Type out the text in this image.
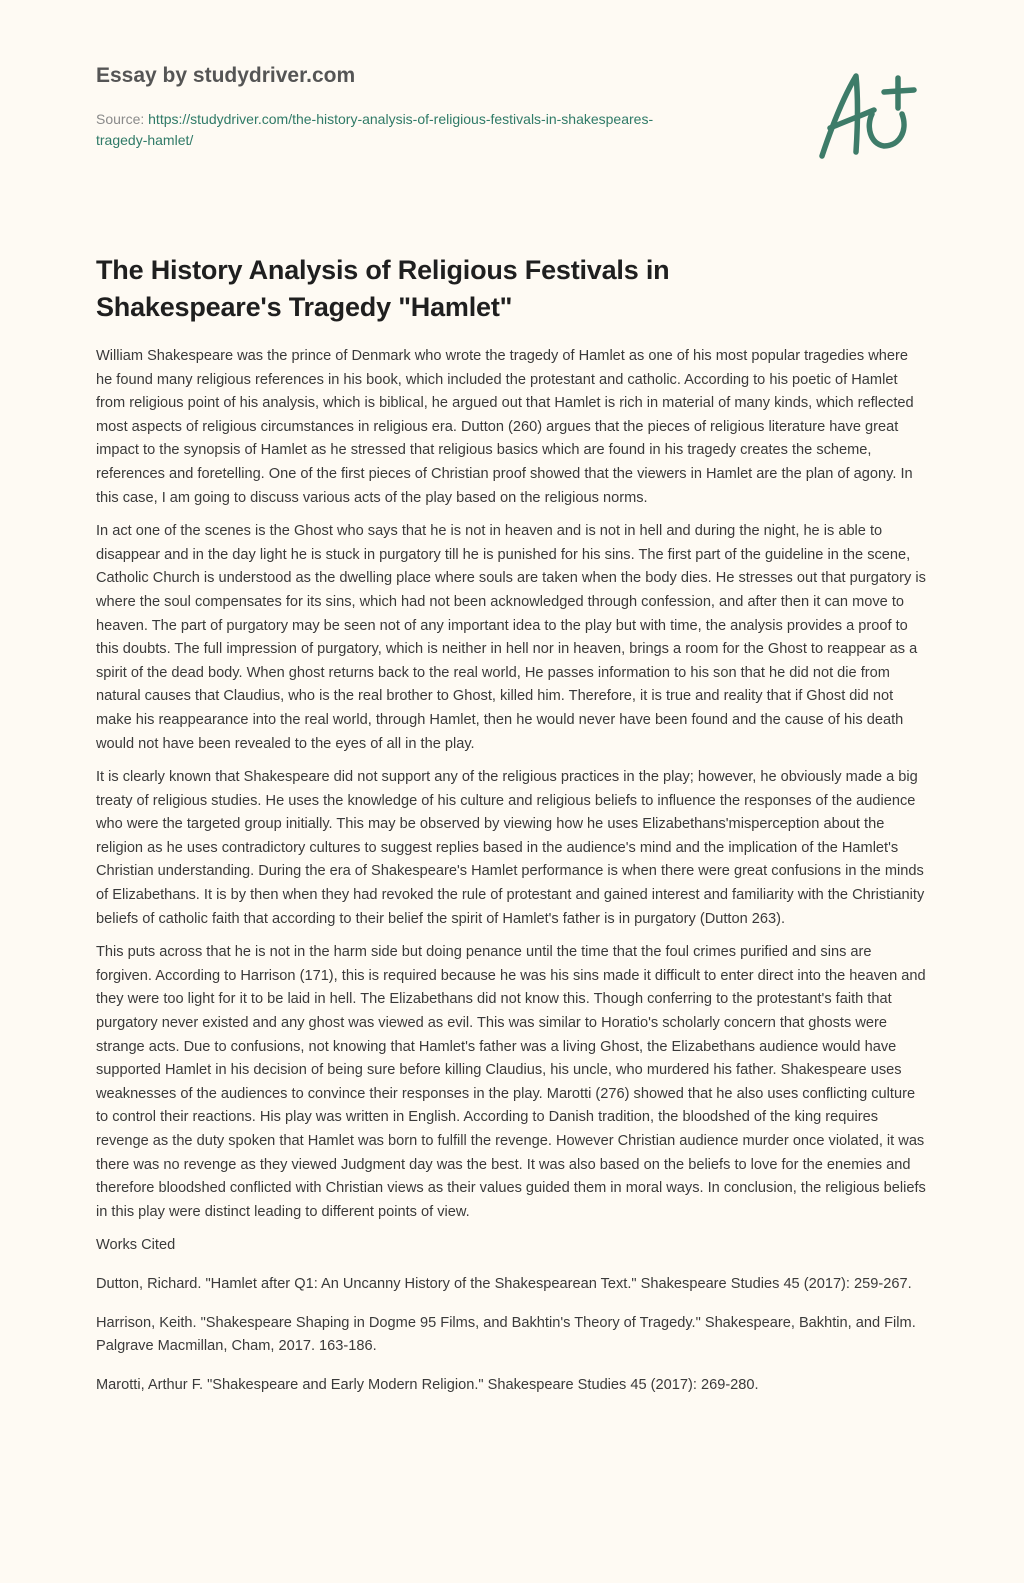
Essay by studydriver.com
Source: https://studydriver.com/the-history-analysis-of-religious-festivals-in-shakespeares-
tragedy-hamlet/
The History Analysis of Religious Festivals in
Shakespeare's Tragedy "Hamlet"

William Shakespeare was the prince of Denmark who wrote the tragedy of Hamlet as one of his most popular tragedies where he found many religious references in his book, which included the protestant and catholic. According to his poetic of Hamlet from religious point of his analysis, which is biblical, he argued out that Hamlet is rich in material of many kinds, which reflected most aspects of religious circumstances in religious era. Dutton (260) argues that the pieces of religious literature have great impact to the synopsis of Hamlet as he stressed that religious basics which are found in his tragedy creates the scheme, references and foretelling. One of the first pieces of Christian proof showed that the viewers in Hamlet are the plan of agony. In this case, I am going to discuss various acts of the play based on the religious norms.

In act one of the scenes is the Ghost who says that he is not in heaven and is not in hell and during the night, he is able to disappear and in the day light he is stuck in purgatory till he is punished for his sins. The first part of the guideline in the scene, Catholic Church is understood as the dwelling place where souls are taken when the body dies. He stresses out that purgatory is where the soul compensates for its sins, which had not been acknowledged through confession, and after then it can move to heaven. The part of purgatory may be seen not of any important idea to the play but with time, the analysis provides a proof to this doubts. The full impression of purgatory, which is neither in hell nor in heaven, brings a room for the Ghost to reappear as a spirit of the dead body. When ghost returns back to the real world, He passes information to his son that he did not die from natural causes that Claudius, who is the real brother to Ghost, killed him. Therefore, it is true and reality that if Ghost did not make his reappearance into the real world, through Hamlet, then he would never have been found and the cause of his death would not have been revealed to the eyes of all in the play.

It is clearly known that Shakespeare did not support any of the religious practices in the play; however, he obviously made a big treaty of religious studies. He uses the knowledge of his culture and religious beliefs to influence the responses of the audience who were the targeted group initially. This may be observed by viewing how he uses Elizabethans'misperception about the religion as he uses contradictory cultures to suggest replies based in the audience's mind and the implication of the Hamlet's Christian understanding. During the era of Shakespeare's Hamlet performance is when there were great confusions in the minds of Elizabethans. It is by then when they had revoked the rule of protestant and gained interest and familiarity with the Christianity beliefs of catholic faith that according to their belief the spirit of Hamlet's father is in purgatory (Dutton 263).

This puts across that he is not in the harm side but doing penance until the time that the foul crimes purified and sins are forgiven. According to Harrison (171), this is required because he was his sins made it difficult to enter direct into the heaven and they were too light for it to be laid in hell. The Elizabethans did not know this. Though conferring to the protestant's faith that purgatory never existed and any ghost was viewed as evil. This was similar to Horatio's scholarly concern that ghosts were strange acts. Due to confusions, not knowing that Hamlet's father was a living Ghost, the Elizabethans audience would have supported Hamlet in his decision of being sure before killing Claudius, his uncle, who murdered his father. Shakespeare uses weaknesses of the audiences to convince their responses in the play. Marotti (276) showed that he also uses conflicting culture to control their reactions. His play was written in English. According to Danish tradition, the bloodshed of the king requires revenge as the duty spoken that Hamlet was born to fulfill the revenge. However Christian audience murder once violated, it was there was no revenge as they viewed Judgment day was the best. It was also based on the beliefs to love for the enemies and therefore bloodshed conflicted with Christian views as their values guided them in moral ways. In conclusion, the religious beliefs in this play were distinct leading to different points of view.

Works Cited

Dutton, Richard. "Hamlet after Q1: An Uncanny History of the Shakespearean Text." Shakespeare Studies 45 (2017): 259-267.

Harrison, Keith. "Shakespeare Shaping in Dogme 95 Films, and Bakhtin's Theory of Tragedy." Shakespeare, Bakhtin, and Film. Palgrave Macmillan, Cham, 2017. 163-186.

Marotti, Arthur F. "Shakespeare and Early Modern Religion." Shakespeare Studies 45 (2017): 269-280.
